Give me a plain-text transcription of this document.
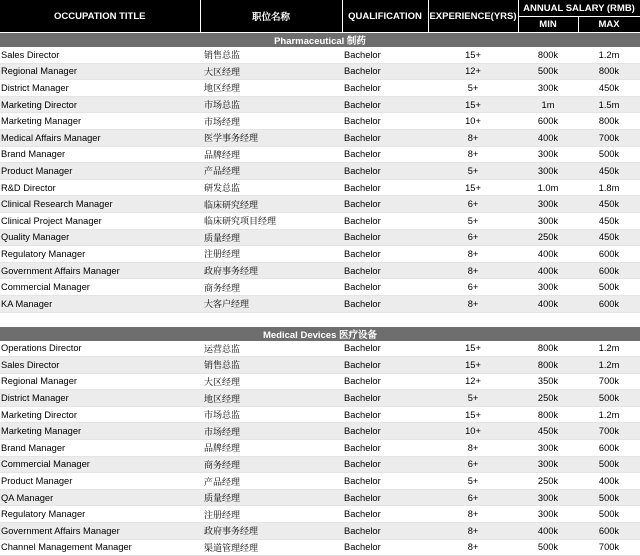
OCCUPATION TITLE	职位名称	QUALIFICATION	EXPERIENCE(YRS)	ANNUAL SALARY (RMB)	
				MIN	MAX
Pharmaceutical 制药					
Sales Director	销售总监	Bachelor	15+	800k	1.2m
Regional Manager	大区经理	Bachelor	12+	500k	800k
District Manager	地区经理	Bachelor	5+	300k	450k
Marketing Director	市场总监	Bachelor	15+	1m	1.5m
Marketing Manager	市场经理	Bachelor	10+	600k	800k
Medical Affairs Manager	医学事务经理	Bachelor	8+	400k	700k
Brand Manager	品牌经理	Bachelor	8+	300k	500k
Product Manager	产品经理	Bachelor	5+	300k	450k
R&D Director	研发总监	Bachelor	15+	1.0m	1.8m
Clinical Research Manager	临床研究经理	Bachelor	6+	300k	450k
Clinical Project Manager	临床研究项目经理	Bachelor	5+	300k	450k
Quality Manager	质量经理	Bachelor	6+	250k	450k
Regulatory Manager	注册经理	Bachelor	8+	400k	600k
Government Affairs Manager	政府事务经理	Bachelor	8+	400k	600k
Commercial Manager	商务经理	Bachelor	6+	300k	500k
KA Manager	大客户经理	Bachelor	8+	400k	600k

Medical Devices 医疗设备					
Operations Director	运营总监	Bachelor	15+	800k	1.2m
Sales Director	销售总监	Bachelor	15+	800k	1.2m
Regional Manager	大区经理	Bachelor	12+	350k	700k
District Manager	地区经理	Bachelor	5+	250k	500k
Marketing Director	市场总监	Bachelor	15+	800k	1.2m
Marketing Manager	市场经理	Bachelor	10+	450k	700k
Brand Manager	品牌经理	Bachelor	8+	300k	600k
Commercial Manager	商务经理	Bachelor	6+	300k	500k
Product Manager	产品经理	Bachelor	5+	250k	400k
QA Manager	质量经理	Bachelor	6+	300k	500k
Regulatory Manager	注册经理	Bachelor	8+	300k	500k
Government Affairs Manager	政府事务经理	Bachelor	8+	400k	600k
Channel Management Manager	渠道管理经理	Bachelor	8+	500k	700k
